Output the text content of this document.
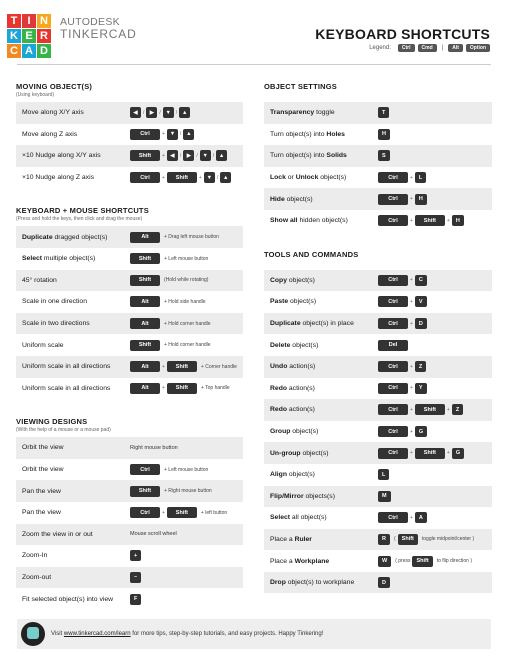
T I N
K E R
C A D
AUTODESK
TINKERCAD	KEYBOARD SHORTCUTS
Legend:	Ctrl	Cmd	|	Alt	Option
MOVING OBJECT(S)
(Using keyboard)
Move along X/Y axis	◀	/ ▶	/ ▼ / ▲
Move along Z axis	Ctrl	+ ▼ / ▲
×10 Nudge along X/Y axis	Shift	+ ◀	/ ▶	/ ▼ / ▲
×10 Nudge along Z axis	Ctrl	+	Shift	+ ▼ / ▲
KEYBOARD + MOUSE SHORTCUTS
(Press and hold the keys, then click and drag the mouse)
Duplicate dragged object(s)	Alt	+ Drag left mouse button
Select multiple object(s)	Shift	+ Left mouse button
45° rotation	Shift	(Hold while rotating)
Scale in one direction	Alt	+ Hold side handle
Scale in two directions	Alt	+ Hold corner handle
Uniform scale	Shift	+ Hold corner handle
Uniform scale in all directions	Alt	+	Shift	+ Corner handle
Uniform scale in all directions	Alt	+	Shift	+ Top handle
VIEWING DESIGNS
(With the help of a mouse or a mouse pad)
Orbit the view	Right mouse button
Orbit the view	Ctrl	+ Left mouse button
Pan the view	Shift	+ Right mouse button
Pan the view	Ctrl	+	Shift	+ left button
Zoom the view in or out	Mouse scroll wheel
Zoom-In	+
Zoom-out	–
Fit selected object(s) into view	F
OBJECT SETTINGS

Transparency toggle	T
Turn object(s) into Holes	H
Turn object(s) into Solids	S
Lock or Unlock object(s)	Ctrl	+	L
Hide object(s)	Ctrl	+	H
Show all hidden object(s)	Ctrl	+	Shift	+	H
TOOLS AND COMMANDS

Copy object(s)	Ctrl	+	C
Paste object(s)	Ctrl	+	V
Duplicate object(s) in place	Ctrl	+	D
Delete object(s)	Del
Undo action(s)	Ctrl	+	Z
Redo action(s)	Ctrl	+	Y
Redo action(s)	Ctrl	+	Shift	+	Z
Group object(s)	Ctrl	+	G
Un-group object(s)	Ctrl	+	Shift	+	G
Align object(s)	L
Flip/Mirror objects(s)	M
Select all object(s)	Ctrl	+	A
Place a Ruler	R	(	Shift	toggle midpoint/center )
Place a Workplane	W	( press	Shift	to flip direction )
Drop object(s) to workplane	D
Visit www.tinkercad.com/learn for more tips, step-by-step tutorials, and easy projects. Happy Tinkering!
